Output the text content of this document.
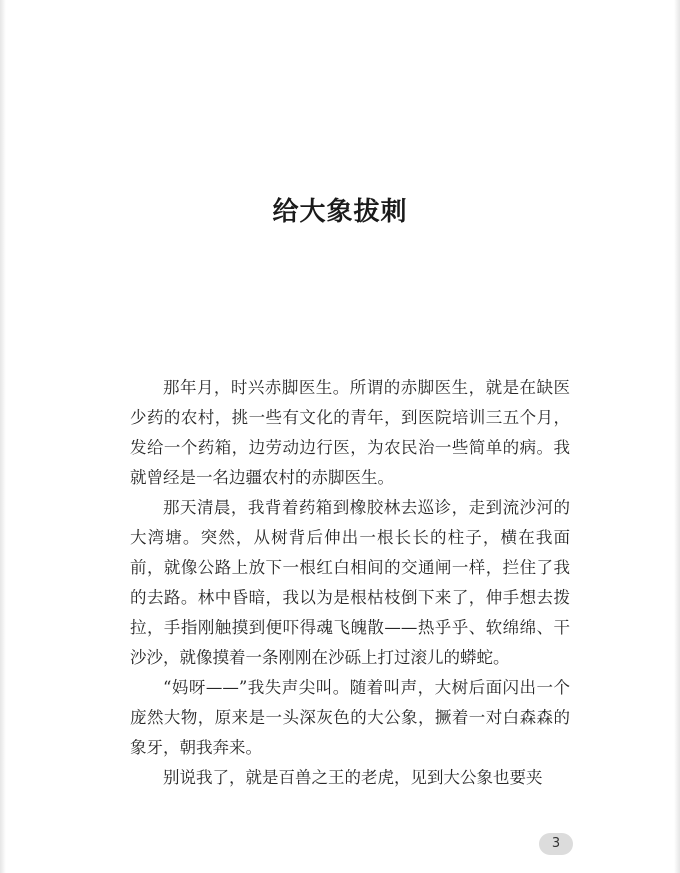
给大象拔刺

那年月，时兴赤脚医生。所谓的赤脚医生，就是在缺医少药的农村，挑一些有文化的青年，到医院培训三五个月，发给一个药箱，边劳动边行医，为农民治一些简单的病。我就曾经是一名边疆农村的赤脚医生。

那天清晨，我背着药箱到橡胶林去巡诊，走到流沙河的大湾塘。突然，从树背后伸出一根长长的柱子，横在我面前，就像公路上放下一根红白相间的交通闸一样，拦住了我的去路。林中昏暗，我以为是根枯枝倒下来了，伸手想去拨拉，手指刚触摸到便吓得魂飞魄散——热乎乎、软绵绵、干沙沙，就像摸着一条刚刚在沙砾上打过滚儿的蟒蛇。

“妈呀——”我失声尖叫。随着叫声，大树后面闪出一个庞然大物，原来是一头深灰色的大公象，撅着一对白森森的象牙，朝我奔来。

别说我了，就是百兽之王的老虎，见到大公象也要夹

3
